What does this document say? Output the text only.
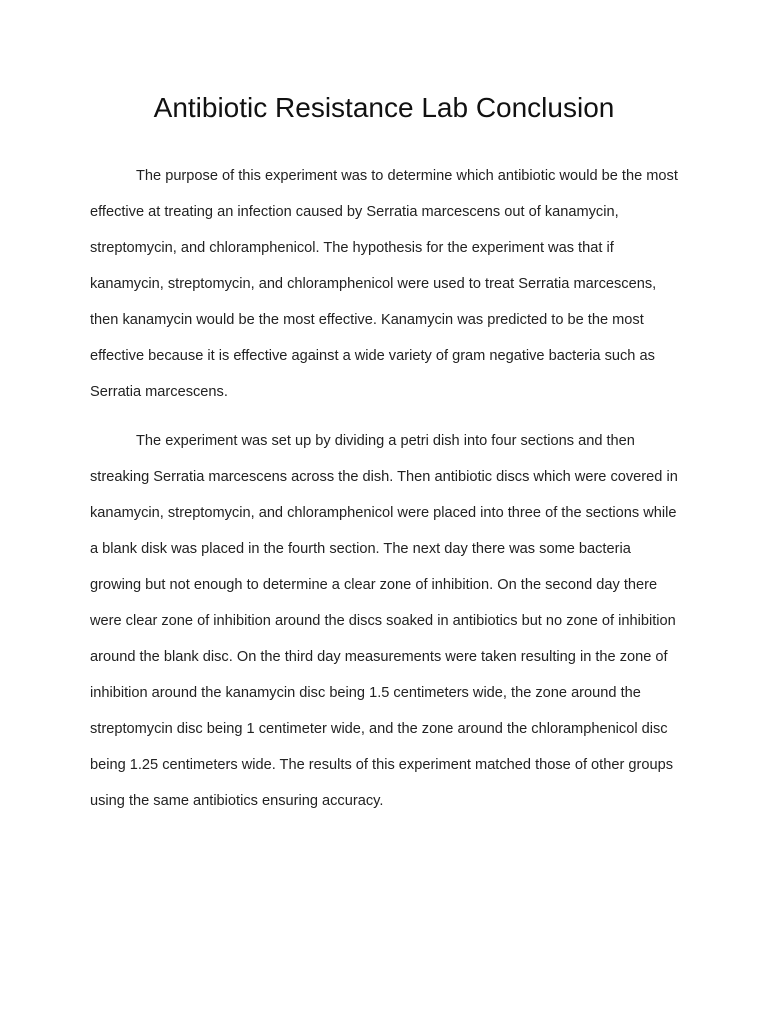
Antibiotic Resistance Lab Conclusion

The purpose of this experiment was to determine which antibiotic would be the most effective at treating an infection caused by Serratia marcescens out of kanamycin, streptomycin, and chloramphenicol. The hypothesis for the experiment was that if kanamycin, streptomycin, and chloramphenicol were used to treat Serratia marcescens, then kanamycin would be the most effective. Kanamycin was predicted to be the most effective because it is effective against a wide variety of gram negative bacteria such as Serratia marcescens.

The experiment was set up by dividing a petri dish into four sections and then streaking Serratia marcescens across the dish. Then antibiotic discs which were covered in kanamycin, streptomycin, and chloramphenicol were placed into three of the sections while a blank disk was placed in the fourth section. The next day there was some bacteria growing but not enough to determine a clear zone of inhibition. On the second day there were clear zone of inhibition around the discs soaked in antibiotics but no zone of inhibition around the blank disc. On the third day measurements were taken resulting in the zone of inhibition around the kanamycin disc being 1.5 centimeters wide, the zone around the streptomycin disc being 1 centimeter wide, and the zone around the chloramphenicol disc being 1.25 centimeters wide. The results of this experiment matched those of other groups using the same antibiotics ensuring accuracy.
